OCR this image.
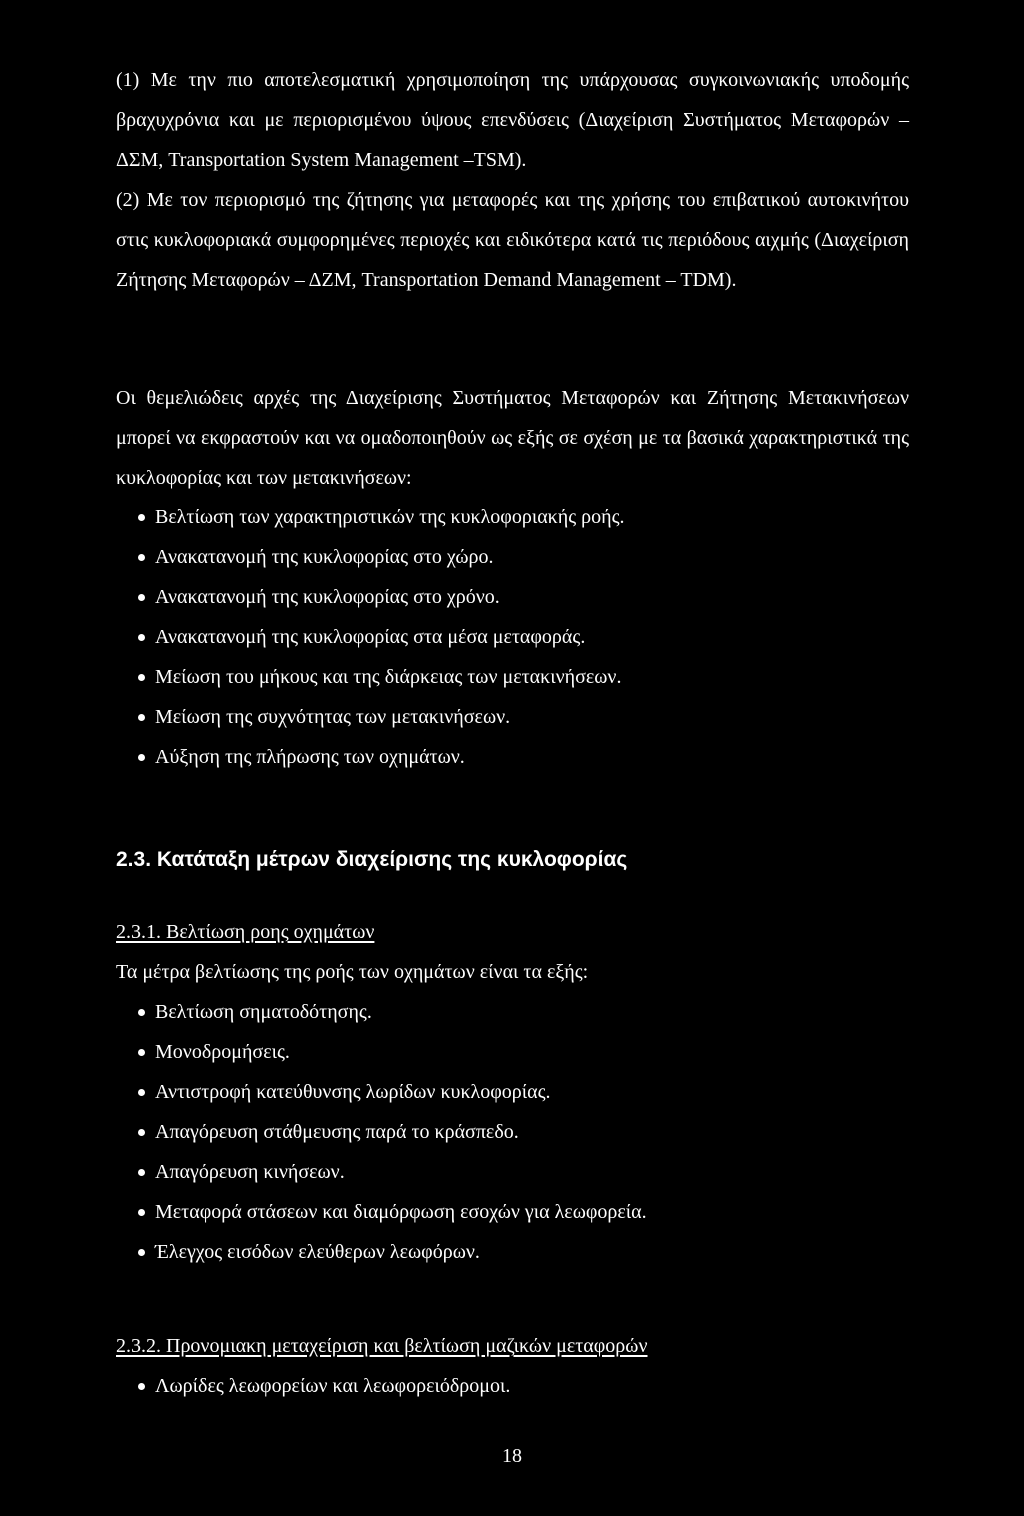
(1) Με την πιο αποτελεσματική χρησιμοποίηση της υπάρχουσας συγκοινωνιακής υποδομής βραχυχρόνια και με περιορισμένου ύψους επενδύσεις (Διαχείριση Συστήματος Μεταφορών –ΔΣΜ, Transportation System Management –TSM).

(2) Με τον περιορισμό της ζήτησης για μεταφορές και της χρήσης του επιβατικού αυτοκινήτου στις κυκλοφοριακά συμφορημένες περιοχές και ειδικότερα κατά τις περιόδους αιχμής (Διαχείριση Ζήτησης Μεταφορών – ΔΖΜ, Transportation Demand Management – TDM).

Οι θεμελιώδεις αρχές της Διαχείρισης Συστήματος Μεταφορών και Ζήτησης Μετακινήσεων μπορεί να εκφραστούν και να ομαδοποιηθούν ως εξής σε σχέση με τα βασικά χαρακτηριστικά της κυκλοφορίας και των μετακινήσεων:

Βελτίωση των χαρακτηριστικών της κυκλοφοριακής ροής.
Ανακατανομή της κυκλοφορίας στο χώρο.
Ανακατανομή της κυκλοφορίας στο χρόνο.
Ανακατανομή της κυκλοφορίας στα μέσα μεταφοράς.
Μείωση του μήκους και της διάρκειας των μετακινήσεων.
Μείωση της συχνότητας των μετακινήσεων.
Αύξηση της πλήρωσης των οχημάτων.
2.3. Κατάταξη μέτρων διαχείρισης της κυκλοφορίας

2.3.1. Βελτίωση ροης οχημάτων

Τα μέτρα βελτίωσης της ροής των οχημάτων είναι τα εξής:

Βελτίωση σηματοδότησης.
Μονοδρομήσεις.
Αντιστροφή κατεύθυνσης λωρίδων κυκλοφορίας.
Απαγόρευση στάθμευσης παρά το κράσπεδο.
Απαγόρευση κινήσεων.
Μεταφορά στάσεων και διαμόρφωση εσοχών για λεωφορεία.
Έλεγχος εισόδων ελεύθερων λεωφόρων.

2.3.2. Προνομιακη μεταχείριση και βελτίωση μαζικών μεταφορών

Λωρίδες λεωφορείων και λεωφορειόδρομοι.
18
